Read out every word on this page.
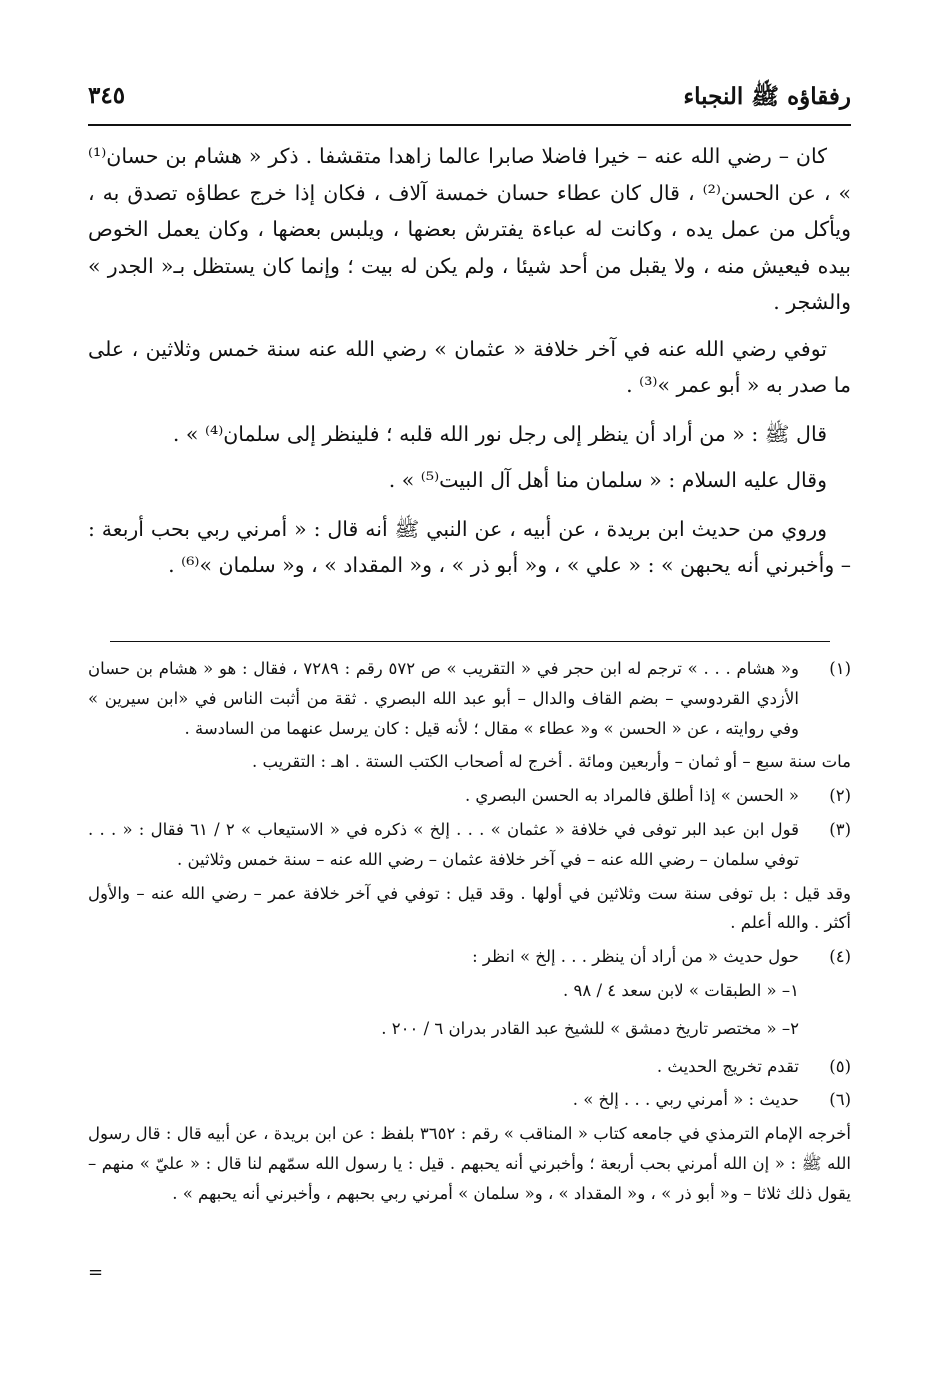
رفقاؤه ﷺ النجباء
٣٤٥

كان – رضي الله عنه – خيرا فاضلا صابرا عالما زاهدا متقشفا . ذكر « هشام بن حسان⁽¹⁾ » ، عن الحسن⁽²⁾ ، قال كان عطاء حسان خمسة آلاف ، فكان إذا خرج عطاؤه تصدق به ، ويأكل من عمل يده ، وكانت له عباءة يفترش بعضها ، ويلبس بعضها ، وكان يعمل الخوص بيده فيعيش منه ، ولا يقبل من أحد شيئا ، ولم يكن له بيت ؛ وإنما كان يستظل بـ« الجدر » والشجر .

توفي رضي الله عنه في آخر خلافة « عثمان » رضي الله عنه سنة خمس وثلاثين ، على ما صدر به « أبو عمر »⁽³⁾ .

قال ﷺ : « من أراد أن ينظر إلى رجل نور الله قلبه ؛ فلينظر إلى سلمان⁽⁴⁾ » .

وقال عليه السلام : « سلمان منا أهل آل البيت⁽⁵⁾ » .

وروي من حديث ابن بريدة ، عن أبيه ، عن النبي ﷺ أنه قال : « أمرني ربي بحب أربعة : – وأخبرني أنه يحبهن » : « علي » ، و« أبو ذر » ، و« المقداد » ، و« سلمان »⁽⁶⁾ .

(١)
و« هشام . . . » ترجم له ابن حجر في « التقريب » ص ٥٧٢ رقم : ٧٢٨٩ ، فقال : هو « هشام بن حسان الأزدي القردوسي – بضم القاف والدال – أبو عبد الله البصري . ثقة من أثبت الناس في «ابن سيرين » وفي روايته ، عن « الحسن » و« عطاء » مقال ؛ لأنه قيل : كان يرسل عنهما من السادسة .
مات سنة سبع – أو ثمان – وأربعين ومائة . أخرج له أصحاب الكتب الستة . اهـ : التقريب .
(٢)
« الحسن » إذا أطلق فالمراد به الحسن البصري .
(٣)
قول ابن عبد البر توفى في خلافة « عثمان » . . . إلخ » ذكره في « الاستيعاب » ٢ / ٦١ فقال : « . . . توفي سلمان – رضي الله عنه – في آخر خلافة عثمان – رضي الله عنه – سنة خمس وثلاثين .
وقد قيل : بل توفى سنة ست وثلاثين في أولها . وقد قيل : توفي في آخر خلافة عمر – رضي الله عنه – والأول أكثر . والله أعلم .
(٤)
حول حديث « من أراد أن ينظر . . . إلخ » انظر :
١– « الطبقات » لابن سعد ٤ / ٩٨ .
٢– « مختصر تاريخ دمشق » للشيخ عبد القادر بدران ٦ / ٢٠٠ .
(٥)
تقدم تخريج الحديث .
(٦)
حديث : « أمرني ربي . . . إلخ » .
أخرجه الإمام الترمذي في جامعه كتاب « المناقب » رقم : ٣٦٥٢ بلفظ : عن ابن بريدة ، عن أبيه قال : قال رسول الله ﷺ : « إن الله أمرني بحب أربعة ؛ وأخبرني أنه يحبهم . قيل : يا رسول الله سمّهم لنا قال : « عليّ » منهم – يقول ذلك ثلاثا – و« أبو ذر » ، و« المقداد » ، و« سلمان » أمرني ربي بحبهم ، وأخبرني أنه يحبهم » .
=
